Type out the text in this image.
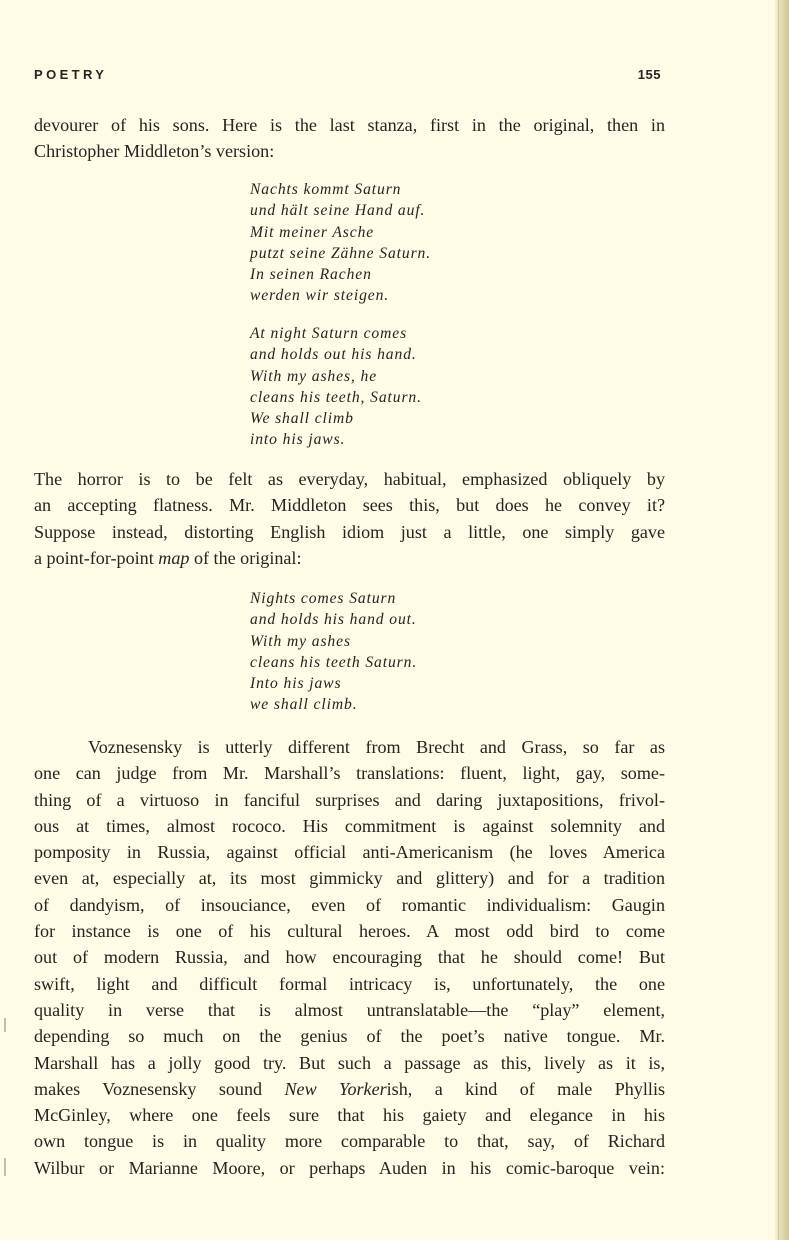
POETRY	155

devourer of his sons. Here is the last stanza, first in the original, then in
Christopher Middleton’s version:

Nachts kommt Saturn
und hält seine Hand auf.
Mit meiner Asche
putzt seine Zähne Saturn.
In seinen Rachen
werden wir steigen.
At night Saturn comes
and holds out his hand.
With my ashes, he
cleans his teeth, Saturn.
We shall climb
into his jaws.

The horror is to be felt as everyday, habitual, emphasized obliquely by
an accepting flatness. Mr. Middleton sees this, but does he convey it?
Suppose instead, distorting English idiom just a little, one simply gave
a point-for-point map of the original:

Nights comes Saturn
and holds his hand out.
With my ashes
cleans his teeth Saturn.
Into his jaws
we shall climb.

Voznesensky is utterly different from Brecht and Grass, so far as
one can judge from Mr. Marshall’s translations: fluent, light, gay, some-
thing of a virtuoso in fanciful surprises and daring juxtapositions, frivol-
ous at times, almost rococo. His commitment is against solemnity and
pomposity in Russia, against official anti-Americanism (he loves America
even at, especially at, its most gimmicky and glittery) and for a tradition
of dandyism, of insouciance, even of romantic individualism: Gaugin
for instance is one of his cultural heroes. A most odd bird to come
out of modern Russia, and how encouraging that he should come! But
swift, light and difficult formal intricacy is, unfortunately, the one
quality in verse that is almost untranslatable—the “play” element,
depending so much on the genius of the poet’s native tongue. Mr.
Marshall has a jolly good try. But such a passage as this, lively as it is,
makes Voznesensky sound New Yorkerish, a kind of male Phyllis
McGinley, where one feels sure that his gaiety and elegance in his
own tongue is in quality more comparable to that, say, of Richard
Wilbur or Marianne Moore, or perhaps Auden in his comic-baroque vein:
